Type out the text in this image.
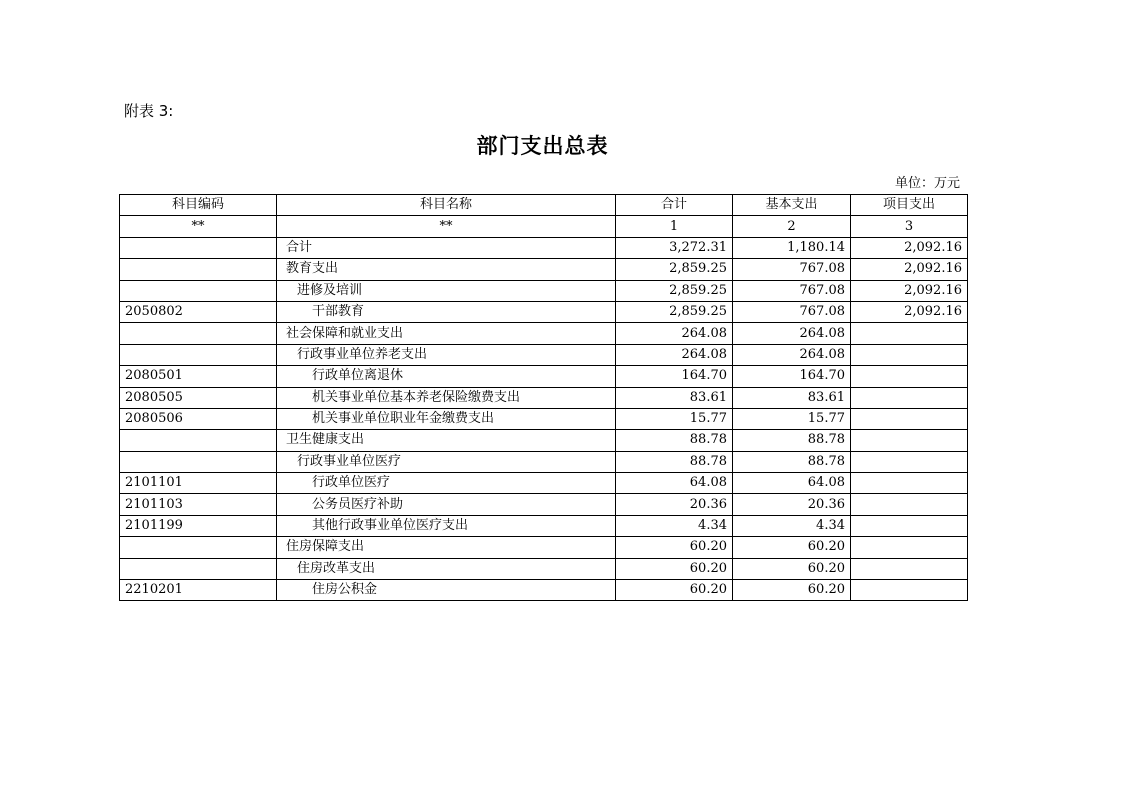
附表 3:
部门支出总表
单位：万元
科目编码	科目名称	合计	基本支出	项目支出
**	**	1	2	3
	合计	3,272.31	1,180.14	2,092.16
	教育支出	2,859.25	767.08	2,092.16
	进修及培训	2,859.25	767.08	2,092.16
2050802	干部教育	2,859.25	767.08	2,092.16
	社会保障和就业支出	264.08	264.08	
	行政事业单位养老支出	264.08	264.08	
2080501	行政单位离退休	164.70	164.70	
2080505	机关事业单位基本养老保险缴费支出	83.61	83.61	
2080506	机关事业单位职业年金缴费支出	15.77	15.77	
	卫生健康支出	88.78	88.78	
	行政事业单位医疗	88.78	88.78	
2101101	行政单位医疗	64.08	64.08	
2101103	公务员医疗补助	20.36	20.36	
2101199	其他行政事业单位医疗支出	4.34	4.34	
	住房保障支出	60.20	60.20	
	住房改革支出	60.20	60.20	
2210201	住房公积金	60.20	60.20	
